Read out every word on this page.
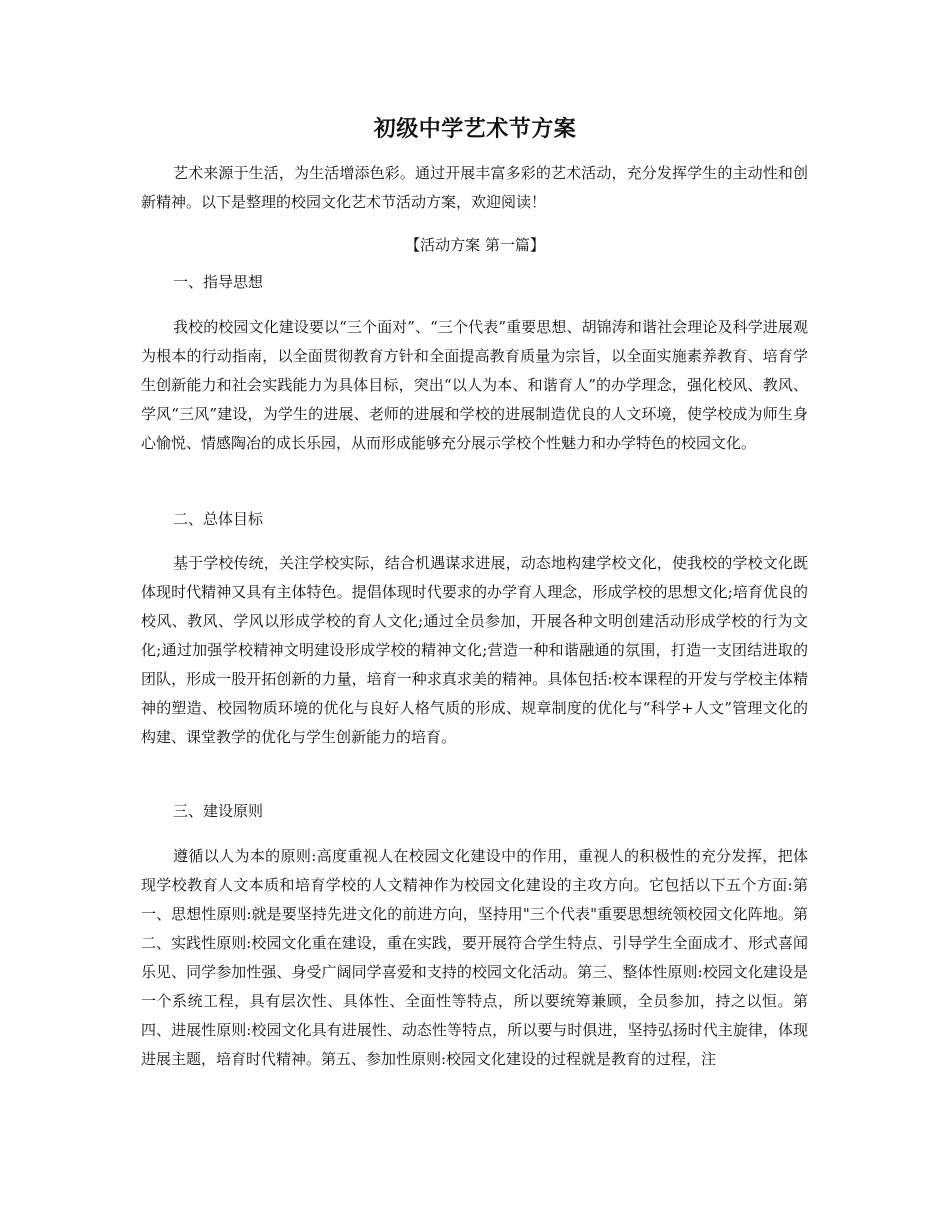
初级中学艺术节方案

艺术来源于生活，为生活增添色彩。通过开展丰富多彩的艺术活动，充分发挥学生的主动性和创新精神。以下是整理的校园文化艺术节活动方案，欢迎阅读！

【活动方案 第一篇】
一、指导思想

我校的校园文化建设要以“三个面对”、“三个代表”重要思想、胡锦涛和谐社会理论及科学进展观为根本的行动指南，以全面贯彻教育方针和全面提高教育质量为宗旨，以全面实施素养教育、培育学生创新能力和社会实践能力为具体目标，突出“以人为本、和谐育人”的办学理念，强化校风、教风、学风“三风”建设，为学生的进展、老师的进展和学校的进展制造优良的人文环境，使学校成为师生身心愉悦、情感陶冶的成长乐园，从而形成能够充分展示学校个性魅力和办学特色的校园文化。

二、总体目标

基于学校传统，关注学校实际，结合机遇谋求进展，动态地构建学校文化，使我校的学校文化既体现时代精神又具有主体特色。提倡体现时代要求的办学育人理念，形成学校的思想文化;培育优良的校风、教风、学风以形成学校的育人文化;通过全员参加，开展各种文明创建活动形成学校的行为文化;通过加强学校精神文明建设形成学校的精神文化;营造一种和谐融通的氛围，打造一支团结进取的团队，形成一股开拓创新的力量，培育一种求真求美的精神。具体包括:校本课程的开发与学校主体精神的塑造、校园物质环境的优化与良好人格气质的形成、规章制度的优化与“科学+人文”管理文化的构建、课堂教学的优化与学生创新能力的培育。

三、建设原则

遵循以人为本的原则:高度重视人在校园文化建设中的作用，重视人的积极性的充分发挥，把体现学校教育人文本质和培育学校的人文精神作为校园文化建设的主攻方向。它包括以下五个方面:第一、思想性原则:就是要坚持先进文化的前进方向，坚持用"三个代表"重要思想统领校园文化阵地。第二、实践性原则:校园文化重在建设，重在实践，要开展符合学生特点、引导学生全面成才、形式喜闻乐见、同学参加性强、身受广阔同学喜爱和支持的校园文化活动。第三、整体性原则:校园文化建设是一个系统工程，具有层次性、具体性、全面性等特点，所以要统筹兼顾，全员参加，持之以恒。第四、进展性原则:校园文化具有进展性、动态性等特点，所以要与时俱进，坚持弘扬时代主旋律，体现进展主题，培育时代精神。第五、参加性原则:校园文化建设的过程就是教育的过程，注
